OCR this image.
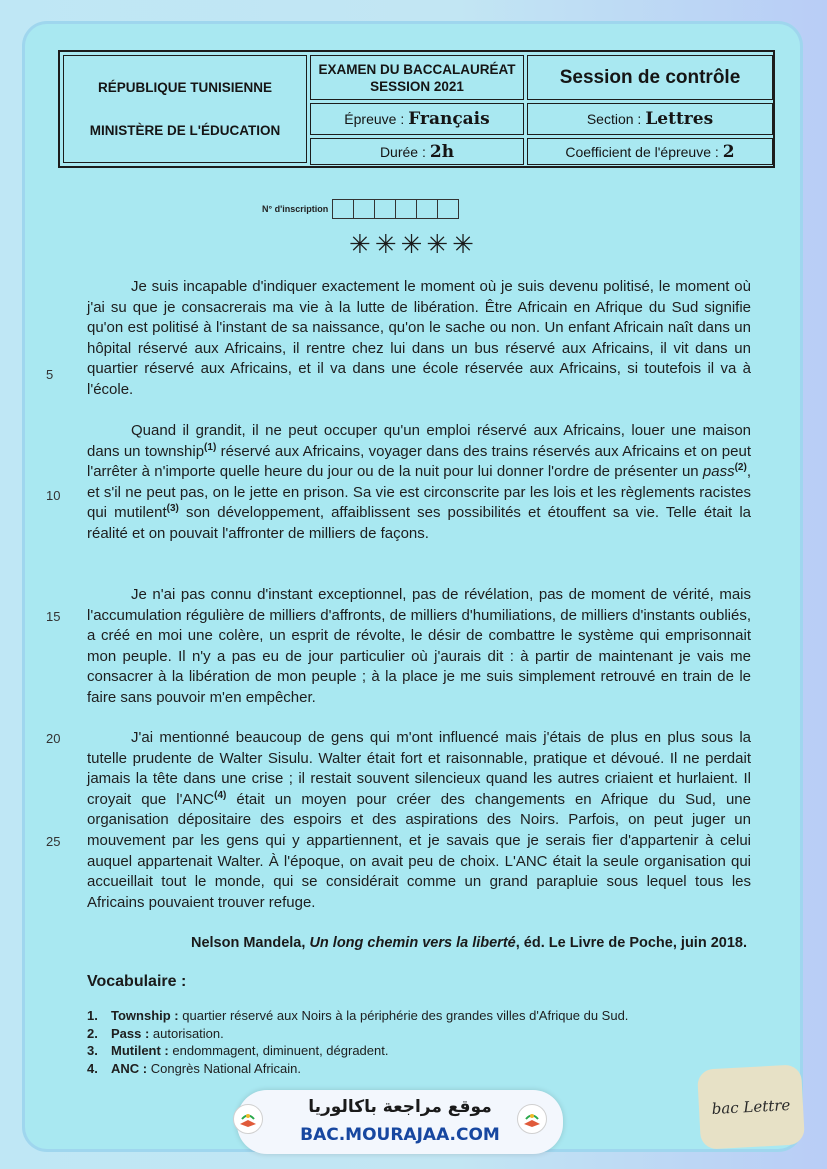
RÉPUBLIQUE TUNISIENNE
MINISTÈRE DE L'ÉDUCATION
EXAMEN DU BACCALAURÉAT
SESSION 2021	Session de contrôle
Épreuve : Français	Section : Lettres
Durée : 2h	Coefficient de l'épreuve : 2
N° d'inscription
✳✳✳✳✳

Je suis incapable d'indiquer exactement le moment où je suis devenu politisé, le moment où j'ai su que je consacrerais ma vie à la lutte de libération. Être Africain en Afrique du Sud signifie qu'on est politisé à l'instant de sa naissance, qu'on le sache ou non. Un enfant Africain naît dans un hôpital réservé aux Africains, il rentre chez lui dans un bus réservé aux Africains, il vit dans un quartier réservé aux Africains, et il va dans une école réservée aux Africains, si toutefois il va à l'école.

Quand il grandit, il ne peut occuper qu'un emploi réservé aux Africains, louer une maison dans un township$^{(1)}$ réservé aux Africains, voyager dans des trains réservés aux Africains et on peut l'arrêter à n'importe quelle heure du jour ou de la nuit pour lui donner l'ordre de présenter un pass$^{(2)}$, et s'il ne peut pas, on le jette en prison. Sa vie est circonscrite par les lois et les règlements racistes qui mutilent$^{(3)}$ son développement, affaiblissent ses possibilités et étouffent sa vie. Telle était la réalité et on pouvait l'affronter de milliers de façons.

Je n'ai pas connu d'instant exceptionnel, pas de révélation, pas de moment de vérité, mais l'accumulation régulière de milliers d'affronts, de milliers d'humiliations, de milliers d'instants oubliés, a créé en moi une colère, un esprit de révolte, le désir de combattre le système qui emprisonnait mon peuple. Il n'y a pas eu de jour particulier où j'aurais dit : à partir de maintenant je vais me consacrer à la libération de mon peuple ; à la place je me suis simplement retrouvé en train de le faire sans pouvoir m'en empêcher.

J'ai mentionné beaucoup de gens qui m'ont influencé mais j'étais de plus en plus sous la tutelle prudente de Walter Sisulu. Walter était fort et raisonnable, pratique et dévoué. Il ne perdait jamais la tête dans une crise ; il restait souvent silencieux quand les autres criaient et hurlaient. Il croyait que l'ANC$^{(4)}$ était un moyen pour créer des changements en Afrique du Sud, une organisation dépositaire des espoirs et des aspirations des Noirs. Parfois, on peut juger un mouvement par les gens qui y appartiennent, et je savais que je serais fier d'appartenir à celui auquel appartenait Walter. À l'époque, on avait peu de choix. L'ANC était la seule organisation qui accueillait tout le monde, qui se considérait comme un grand parapluie sous lequel tous les Africains pouvaient trouver refuge.

5
10
15
20
25
Nelson Mandela, Un long chemin vers la liberté, éd. Le Livre de Poche, juin 2018.
Vocabulaire :
1. Township : quartier réservé aux Noirs à la périphérie des grandes villes d'Afrique du Sud.
2. Pass : autorisation.
3. Mutilent : endommagent, diminuent, dégradent.
4. ANC : Congrès National Africain.
موقع مراجعة باكالوريا
BAC.MOURAJAA.COM
bac Lettre
